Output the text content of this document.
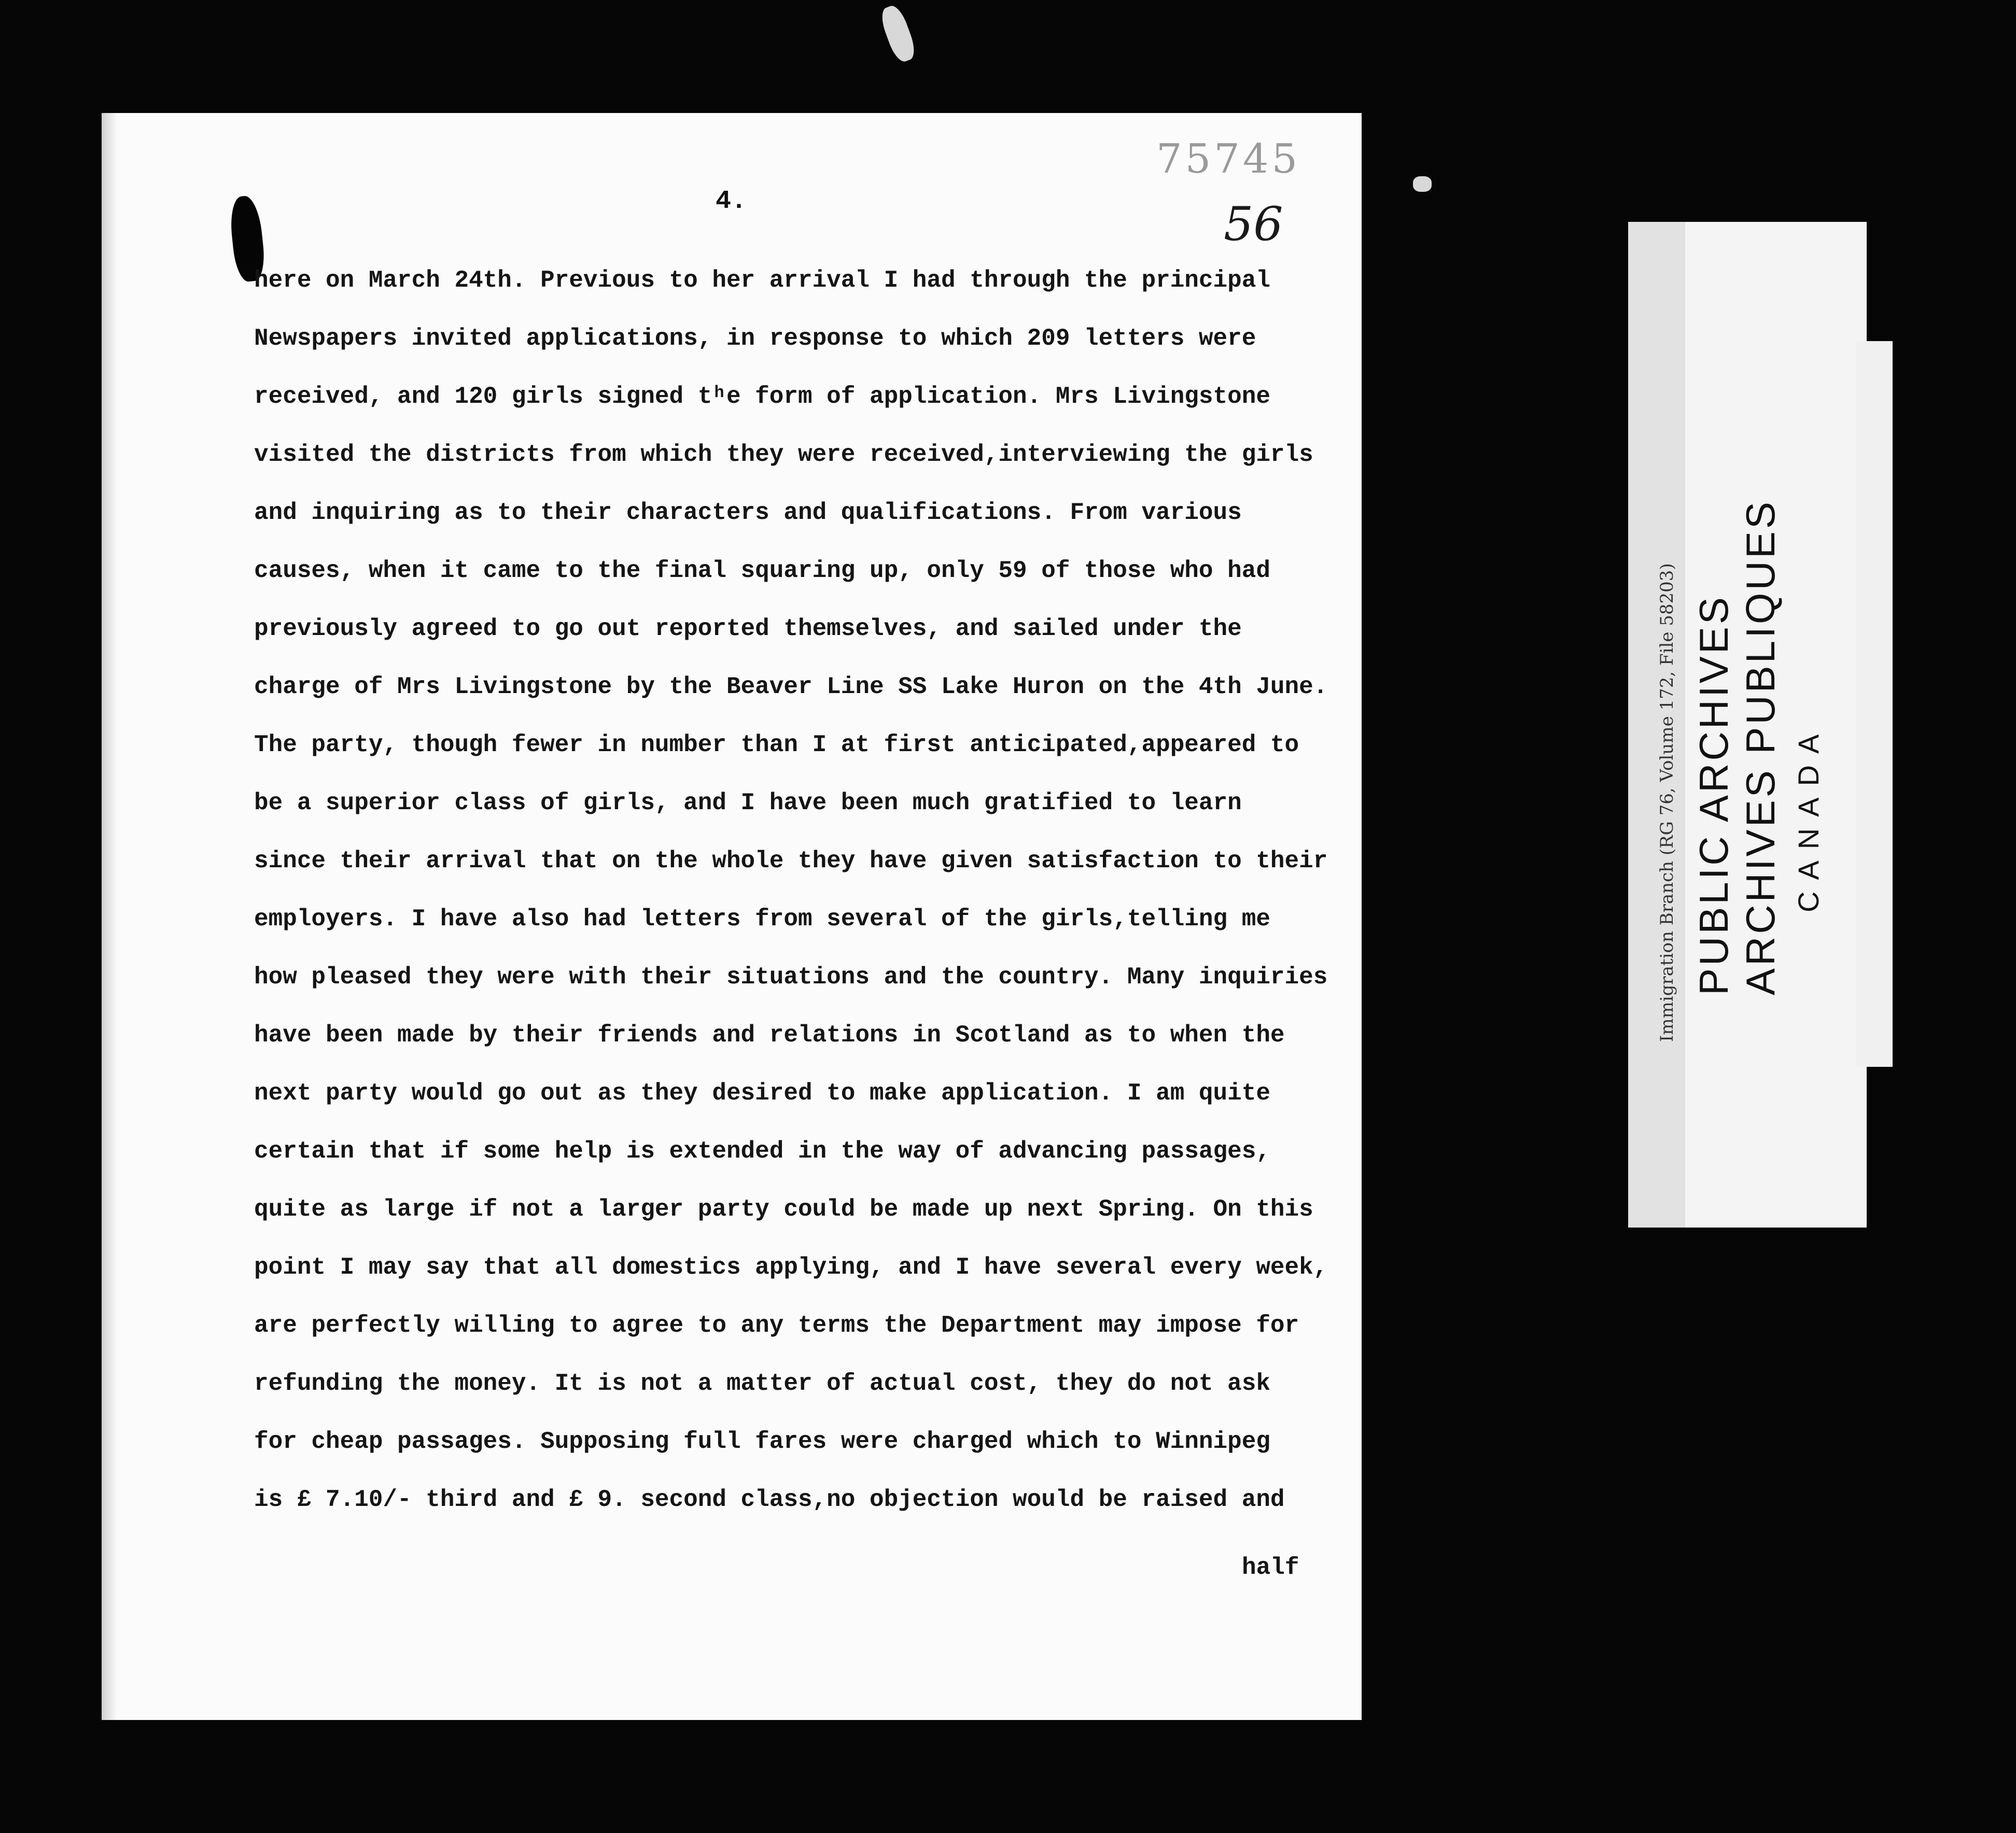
75745
56
4.
here on March 24th. Previous to her arrival I had through the principal
Newspapers invited applications, in response to which 209 letters were
received, and 120 girls signed tʰe form of application. Mrs Livingstone
visited the districts from which they were received,interviewing the girls
and inquiring as to their characters and qualifications. From various
causes, when it came to the final squaring up, only 59 of those who had
previously agreed to go out reported themselves, and sailed under the
charge of Mrs Livingstone by the Beaver Line SS Lake Huron on the 4th June.
The party, though fewer in number than I at first anticipated,appeared to
be a superior class of girls, and I have been much gratified to learn
since their arrival that on the whole they have given satisfaction to their
employers. I have also had letters from several of the girls,telling me
how pleased they were with their situations and the country. Many inquiries
have been made by their friends and relations in Scotland as to when the
next party would go out as they desired to make application. I am quite
certain that if some help is extended in the way of advancing passages,
quite as large if not a larger party could be made up next Spring. On this
point I may say that all domestics applying, and I have several every week,
are perfectly willing to agree to any terms the Department may impose for
refunding the money. It is not a matter of actual cost, they do not ask
for cheap passages. Supposing full fares were charged which to Winnipeg
is £ 7.10/- third and £ 9. second class,no objection would be raised and
half
Immigration Branch (RG 76, Volume 172, File 58203) PUBLIC ARCHIVES ARCHIVES PUBLIQUES CANADA
